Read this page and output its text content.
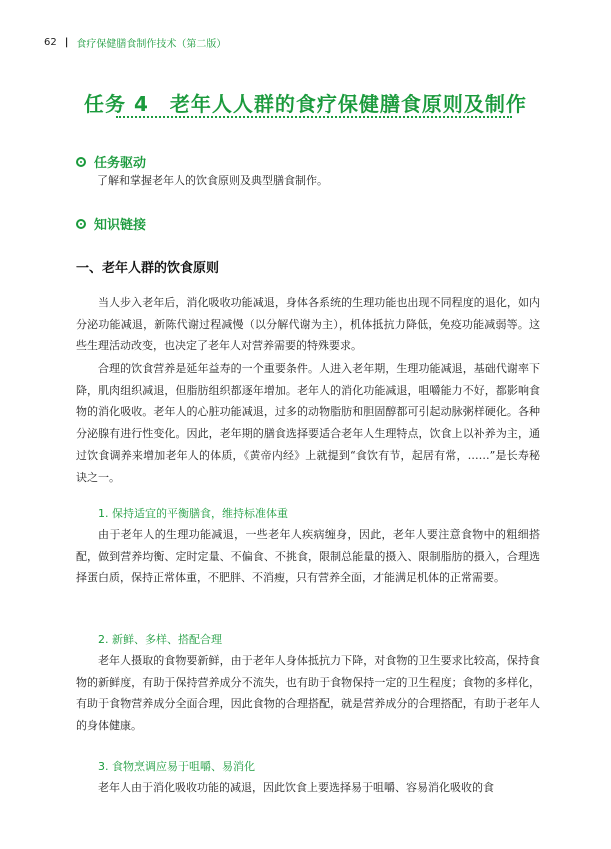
62 | 食疗保健膳食制作技术（第二版）
任务 4　老年人人群的食疗保健膳食原则及制作
任务驱动
了解和掌握老年人的饮食原则及典型膳食制作。
知识链接
一、老年人群的饮食原则
当人步入老年后，消化吸收功能减退，身体各系统的生理功能也出现不同程度的退化，如内分泌功能减退，新陈代谢过程减慢（以分解代谢为主），机体抵抗力降低，免疫功能减弱等。这些生理活动改变，也决定了老年人对营养需要的特殊要求。
合理的饮食营养是延年益寿的一个重要条件。人进入老年期，生理功能减退，基础代谢率下降，肌肉组织减退，但脂肪组织都逐年增加。老年人的消化功能减退，咀嚼能力不好，都影响食物的消化吸收。老年人的心脏功能减退，过多的动物脂肪和胆固醇都可引起动脉粥样硬化。各种分泌腺有进行性变化。因此，老年期的膳食选择要适合老年人生理特点，饮食上以补养为主，通过饮食调养来增加老年人的体质，《黄帝内经》上就提到“食饮有节，起居有常，……”是长寿秘诀之一。
1. 保持适宜的平衡膳食，维持标准体重
由于老年人的生理功能减退，一些老年人疾病缠身，因此，老年人要注意食物中的粗细搭配，做到营养均衡、定时定量、不偏食、不挑食，限制总能量的摄入、限制脂肪的摄入，合理选择蛋白质，保持正常体重，不肥胖、不消瘦，只有营养全面，才能满足机体的正常需要。
2. 新鲜、多样、搭配合理
老年人摄取的食物要新鲜，由于老年人身体抵抗力下降，对食物的卫生要求比较高，保持食物的新鲜度，有助于保持营养成分不流失，也有助于食物保持一定的卫生程度；食物的多样化，有助于食物营养成分全面合理，因此食物的合理搭配，就是营养成分的合理搭配，有助于老年人的身体健康。
3. 食物烹调应易于咀嚼、易消化
老年人由于消化吸收功能的减退，因此饮食上要选择易于咀嚼、容易消化吸收的食
